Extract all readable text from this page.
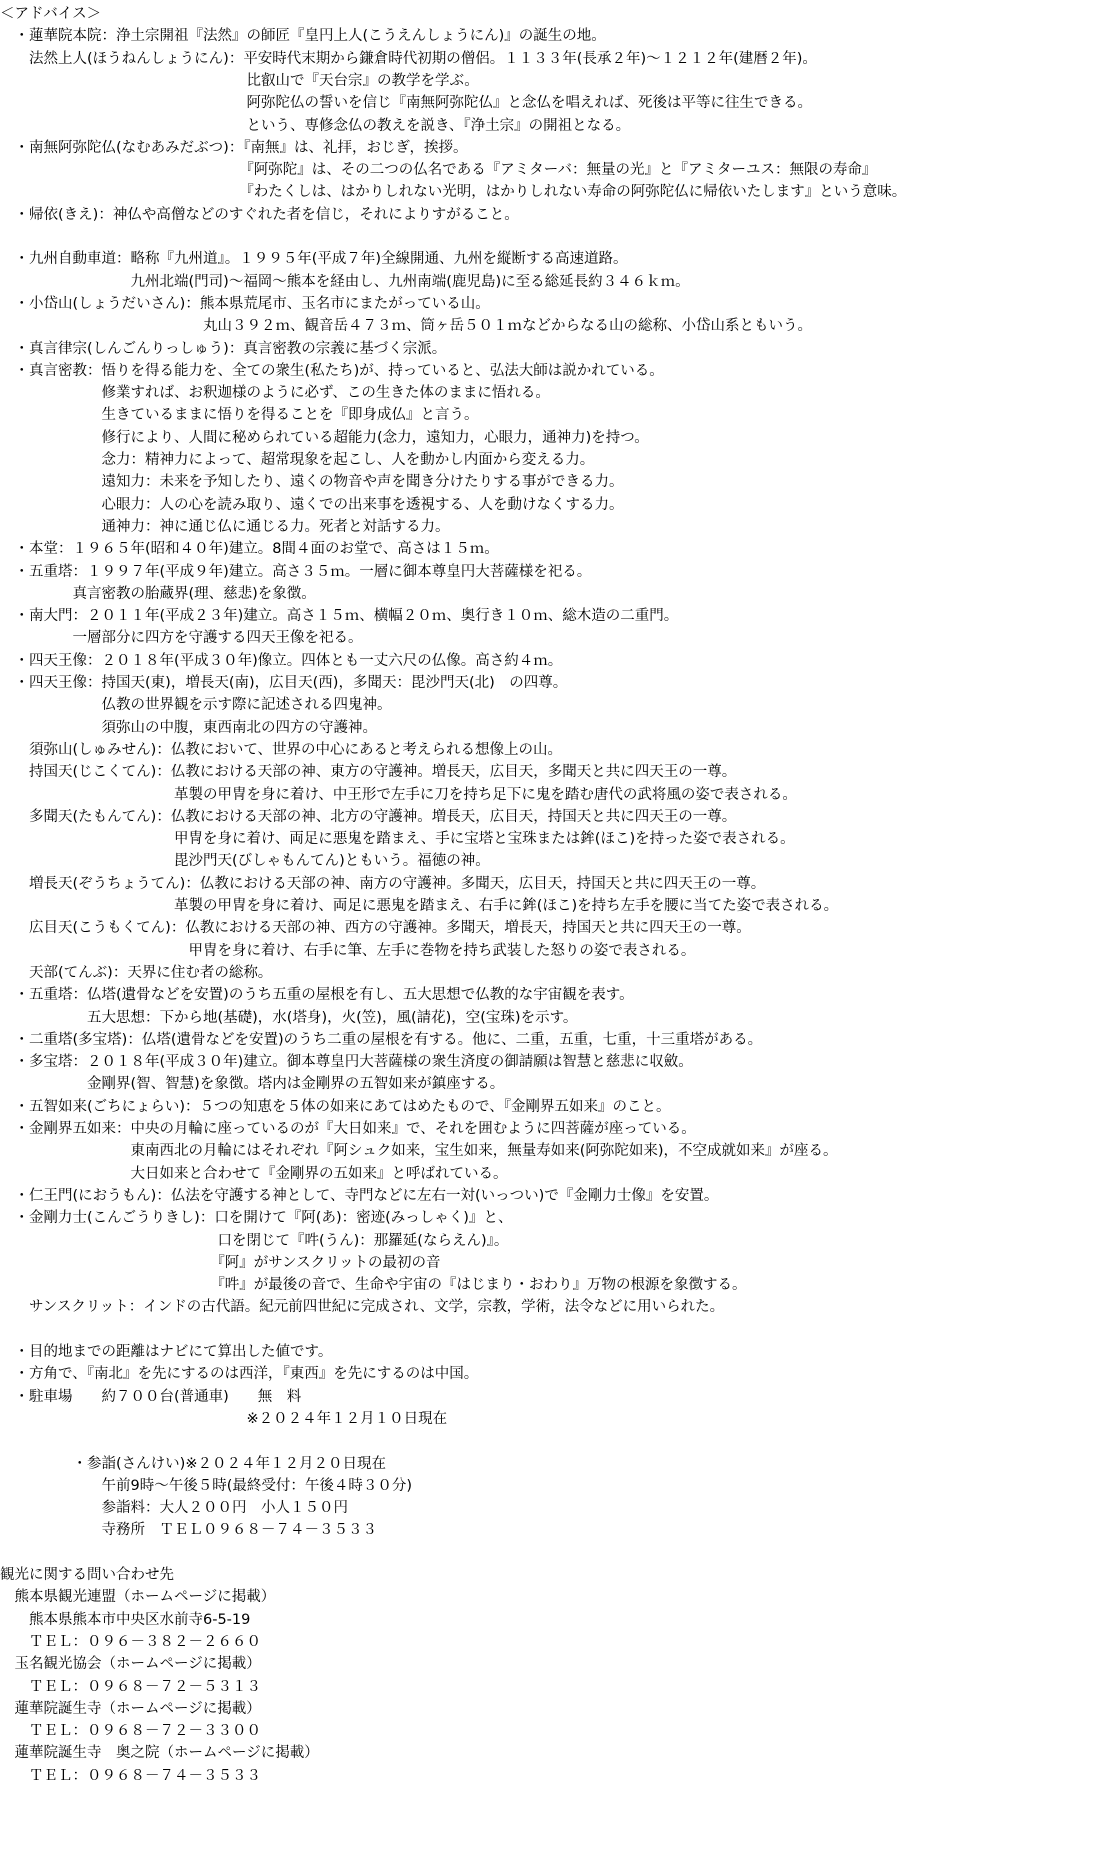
＜アドバイス＞
　・蓮華院本院：浄土宗開祖『法然』の師匠『皇円上人(こうえんしょうにん)』の誕生の地。
　　法然上人(ほうねんしょうにん)：平安時代末期から鎌倉時代初期の僧侶。１１３３年(長承２年)～１２１２年(建暦２年)。
　　　　　　　　　　　　　　　　　比叡山で『天台宗』の教学を学ぶ。
　　　　　　　　　　　　　　　　　阿弥陀仏の誓いを信じ『南無阿弥陀仏』と念仏を唱えれば、死後は平等に往生できる。
　　　　　　　　　　　　　　　　　という、専修念仏の教えを説き、『浄土宗』の開祖となる。
　・南無阿弥陀仏(なむあみだぶつ)：『南無』は、礼拝，おじぎ，挨拶。
　　　　　　　　　　　　　　　　　『阿弥陀』は、その二つの仏名である『アミターバ：無量の光』と『アミターユス：無限の寿命』
　　　　　　　　　　　　　　　　　『わたくしは、はかりしれない光明，はかりしれない寿命の阿弥陀仏に帰依いたします』という意味。
　・帰依(きえ)：神仏や高僧などのすぐれた者を信じ，それによりすがること。
　・九州自動車道：略称『九州道』。１９９５年(平成７年)全線開通、九州を縦断する高速道路。
　　　　　　　　　九州北端(門司)～福岡～熊本を経由し、九州南端(鹿児島)に至る総延長約３４６ｋｍ。
　・小岱山(しょうだいさん)：熊本県荒尾市、玉名市にまたがっている山。
　　　　　　　　　　　　　　丸山３９２ｍ、観音岳４７３ｍ、筒ヶ岳５０１ｍなどからなる山の総称、小岱山系ともいう。
　・真言律宗(しんごんりっしゅう)：真言密教の宗義に基づく宗派。
　・真言密教：悟りを得る能力を、全ての衆生(私たち)が、持っていると、弘法大師は説かれている。
　　　　　　　修業すれば、お釈迦様のように必ず、この生きた体のままに悟れる。
　　　　　　　生きているままに悟りを得ることを『即身成仏』と言う。
　　　　　　　修行により、人間に秘められている超能力(念力，遠知力，心眼力，通神力)を持つ。
　　　　　　　念力：精神力によって、超常現象を起こし、人を動かし内面から変える力。
　　　　　　　遠知力：未来を予知したり、遠くの物音や声を聞き分けたりする事ができる力。
　　　　　　　心眼力：人の心を読み取り、遠くでの出来事を透視する、人を動けなくする力。
　　　　　　　通神力：神に通じ仏に通じる力。死者と対話する力。
　・本堂：１９６５年(昭和４０年)建立。8間４面のお堂で、高さは１５ｍ。
　・五重塔：１９９７年(平成９年)建立。高さ３５ｍ。一層に御本尊皇円大菩薩様を祀る。
　　　　　真言密教の胎蔵界(理、慈悲)を象徴。
　・南大門：２０１１年(平成２３年)建立。高さ１５ｍ、横幅２０ｍ、奥行き１０ｍ、総木造の二重門。
　　　　　一層部分に四方を守護する四天王像を祀る。
　・四天王像：２０１８年(平成３０年)像立。四体とも一丈六尺の仏像。高さ約４ｍ。
　・四天王像：持国天(東)，増長天(南)，広目天(西)，多聞天：毘沙門天(北)　の四尊。
　　　　　　　仏教の世界観を示す際に記述される四鬼神。
　　　　　　　須弥山の中腹，東西南北の四方の守護神。
　　須弥山(しゅみせん)：仏教において、世界の中心にあると考えられる想像上の山。
　　持国天(じこくてん)：仏教における天部の神、東方の守護神。増長天，広目天，多聞天と共に四天王の一尊。
　　　　　　　　　　　　革製の甲冑を身に着け、中王形で左手に刀を持ち足下に鬼を踏む唐代の武将風の姿で表される。
　　多聞天(たもんてん)：仏教における天部の神、北方の守護神。増長天，広目天，持国天と共に四天王の一尊。
　　　　　　　　　　　　甲冑を身に着け、両足に悪鬼を踏まえ、手に宝塔と宝珠または鉾(ほこ)を持った姿で表される。
　　　　　　　　　　　　毘沙門天(びしゃもんてん)ともいう。福徳の神。
　　増長天(ぞうちょうてん)：仏教における天部の神、南方の守護神。多聞天，広目天，持国天と共に四天王の一尊。
　　　　　　　　　　　　革製の甲冑を身に着け、両足に悪鬼を踏まえ、右手に鉾(ほこ)を持ち左手を腰に当てた姿で表される。
　　広目天(こうもくてん)：仏教における天部の神、西方の守護神。多聞天，増長天，持国天と共に四天王の一尊。
　　　　　　　　　　　　　甲冑を身に着け、右手に筆、左手に巻物を持ち武装した怒りの姿で表される。
　　天部(てんぶ)：天界に住む者の総称。
　・五重塔：仏塔(遺骨などを安置)のうち五重の屋根を有し、五大思想で仏教的な宇宙観を表す。
　　　　　　五大思想：下から地(基礎)，水(塔身)，火(笠)，風(請花)，空(宝珠)を示す。
　・二重塔(多宝塔)：仏塔(遺骨などを安置)のうち二重の屋根を有する。他に、二重，五重，七重，十三重塔がある。
　・多宝塔：２０１８年(平成３０年)建立。御本尊皇円大菩薩様の衆生済度の御請願は智慧と慈悲に収斂。
　　　　　　金剛界(智、智慧)を象徴。塔内は金剛界の五智如来が鎮座する。
　・五智如来(ごちにょらい)：５つの知恵を５体の如来にあてはめたもので、『金剛界五如来』のこと。
　・金剛界五如来：中央の月輪に座っているのが『大日如来』で、それを囲むように四菩薩が座っている。
　　　　　　　　　東南西北の月輪にはそれぞれ『阿シュク如来，宝生如来，無量寿如来(阿弥陀如来)，不空成就如来』が座る。
　　　　　　　　　大日如来と合わせて『金剛界の五如来』と呼ばれている。
　・仁王門(におうもん)：仏法を守護する神として、寺門などに左右一対(いっつい)で『金剛力士像』を安置。
　・金剛力士(こんごうりきし)：口を開けて『阿(あ)：密迹(みっしゃく)』と、
　　　　　　　　　　　　　　　口を閉じて『吽(うん)：那羅延(ならえん)』。
　　　　　　　　　　　　　　　『阿』がサンスクリットの最初の音
　　　　　　　　　　　　　　　『吽』が最後の音で、生命や宇宙の『はじまり・おわり』万物の根源を象徴する。
　　サンスクリット：インドの古代語。紀元前四世紀に完成され、文学，宗教，学術，法令などに用いられた。
　・目的地までの距離はナビにて算出した値です。
　・方角で、『南北』を先にするのは西洋，『東西』を先にするのは中国。
　・駐車場　　約７００台(普通車)　　無　料
　　　　　　　　　　　　　　　　　※２０２４年１２月１０日現在
　　　　　・参詣(さんけい)※２０２４年１２月２０日現在
　　　　　　　午前9時～午後５時(最終受付：午後４時３０分)
　　　　　　　参詣料：大人２００円　小人１５０円
　　　　　　　寺務所　ＴＥＬ０９６８－７４－３５３３
観光に関する問い合わせ先
　熊本県観光連盟（ホームページに掲載）
　　熊本県熊本市中央区水前寺6-5-19
　　ＴＥＬ：０９６－３８２－２６６０
　玉名観光協会（ホームページに掲載）
　　ＴＥＬ：０９６８－７２－５３１３
　蓮華院誕生寺（ホームページに掲載）
　　ＴＥＬ：０９６８－７２－３３００
　蓮華院誕生寺　奥之院（ホームページに掲載）
　　ＴＥＬ：０９６８－７４－３５３３
